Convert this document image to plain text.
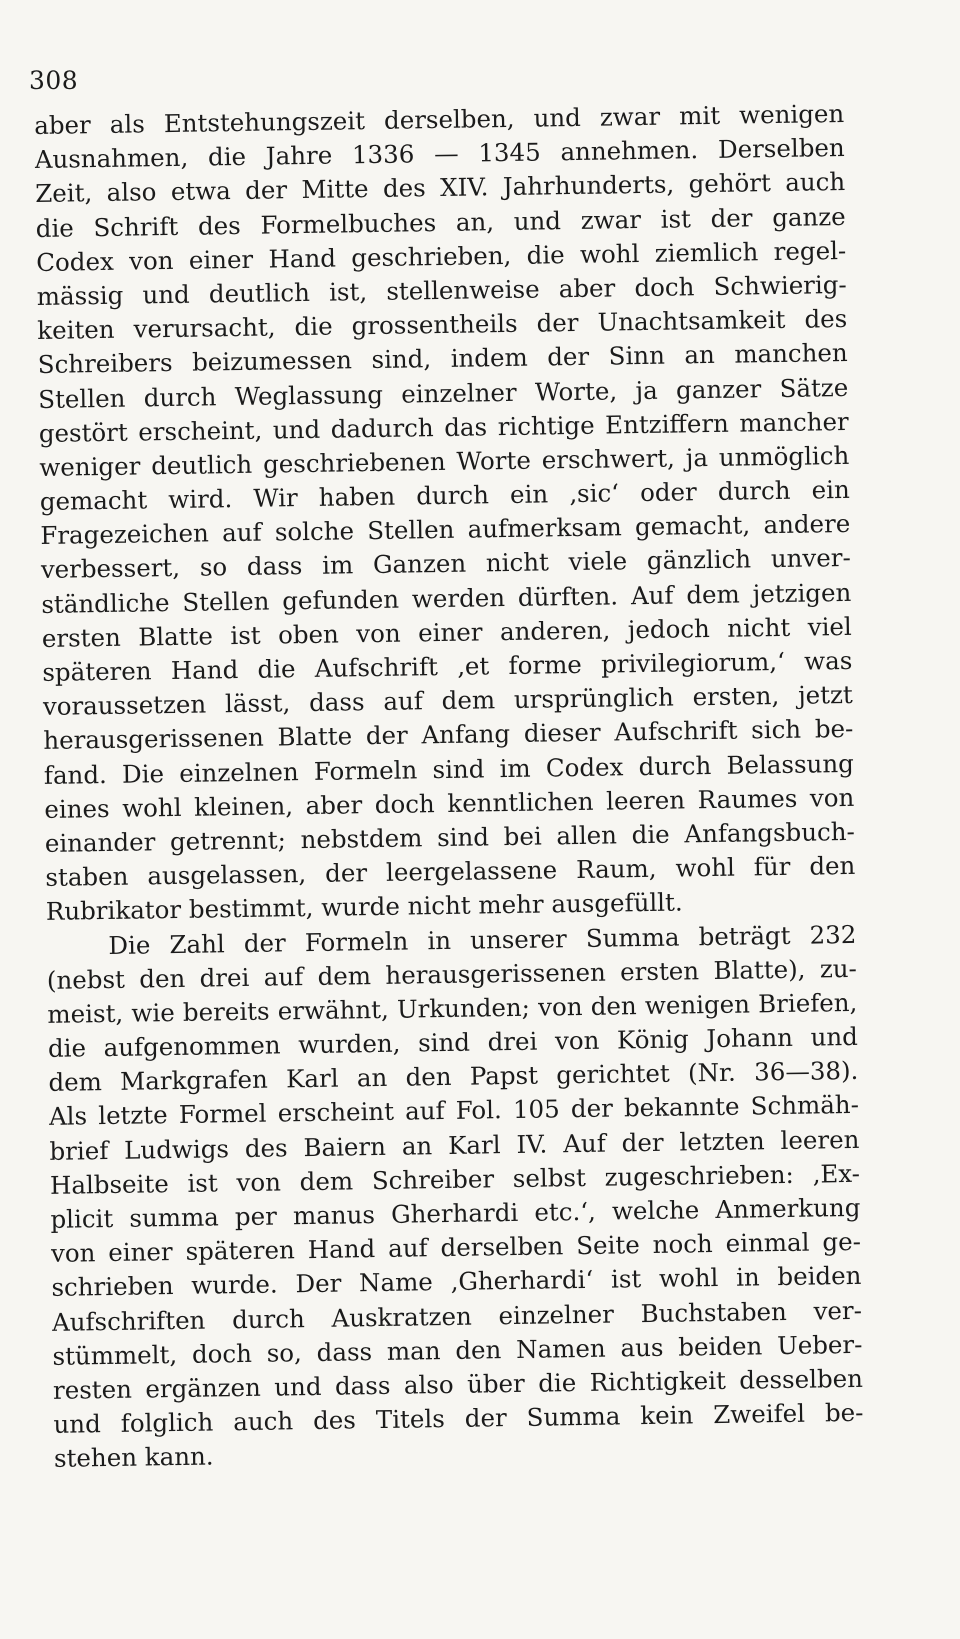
308
aber als Entstehungszeit derselben, und zwar mit wenigen
Ausnahmen, die Jahre 1336 — 1345 annehmen. Derselben
Zeit, also etwa der Mitte des XIV. Jahrhunderts, gehört auch
die Schrift des Formelbuches an, und zwar ist der ganze
Codex von einer Hand geschrieben, die wohl ziemlich regel-
mässig und deutlich ist, stellenweise aber doch Schwierig-
keiten verursacht, die grossentheils der Unachtsamkeit des
Schreibers beizumessen sind, indem der Sinn an manchen
Stellen durch Weglassung einzelner Worte, ja ganzer Sätze
gestört erscheint, und dadurch das richtige Entziffern mancher
weniger deutlich geschriebenen Worte erschwert, ja unmöglich
gemacht wird. Wir haben durch ein ‚sic‘ oder durch ein
Fragezeichen auf solche Stellen aufmerksam gemacht, andere
verbessert, so dass im Ganzen nicht viele gänzlich unver-
ständliche Stellen gefunden werden dürften. Auf dem jetzigen
ersten Blatte ist oben von einer anderen, jedoch nicht viel
späteren Hand die Aufschrift ‚et forme privilegiorum,‘ was
voraussetzen lässt, dass auf dem ursprünglich ersten, jetzt
herausgerissenen Blatte der Anfang dieser Aufschrift sich be-
fand. Die einzelnen Formeln sind im Codex durch Belassung
eines wohl kleinen, aber doch kenntlichen leeren Raumes von
einander getrennt; nebstdem sind bei allen die Anfangsbuch-
staben ausgelassen, der leergelassene Raum, wohl für den
Rubrikator bestimmt, wurde nicht mehr ausgefüllt.
Die Zahl der Formeln in unserer Summa beträgt 232
(nebst den drei auf dem herausgerissenen ersten Blatte), zu-
meist, wie bereits erwähnt, Urkunden; von den wenigen Briefen,
die aufgenommen wurden, sind drei von König Johann und
dem Markgrafen Karl an den Papst gerichtet (Nr. 36—38).
Als letzte Formel erscheint auf Fol. 105 der bekannte Schmäh-
brief Ludwigs des Baiern an Karl IV. Auf der letzten leeren
Halbseite ist von dem Schreiber selbst zugeschrieben: ‚Ex-
plicit summa per manus Gherhardi etc.‘, welche Anmerkung
von einer späteren Hand auf derselben Seite noch einmal ge-
schrieben wurde. Der Name ‚Gherhardi‘ ist wohl in beiden
Aufschriften durch Auskratzen einzelner Buchstaben ver-
stümmelt, doch so, dass man den Namen aus beiden Ueber-
resten ergänzen und dass also über die Richtigkeit desselben
und folglich auch des Titels der Summa kein Zweifel be-
stehen kann.
